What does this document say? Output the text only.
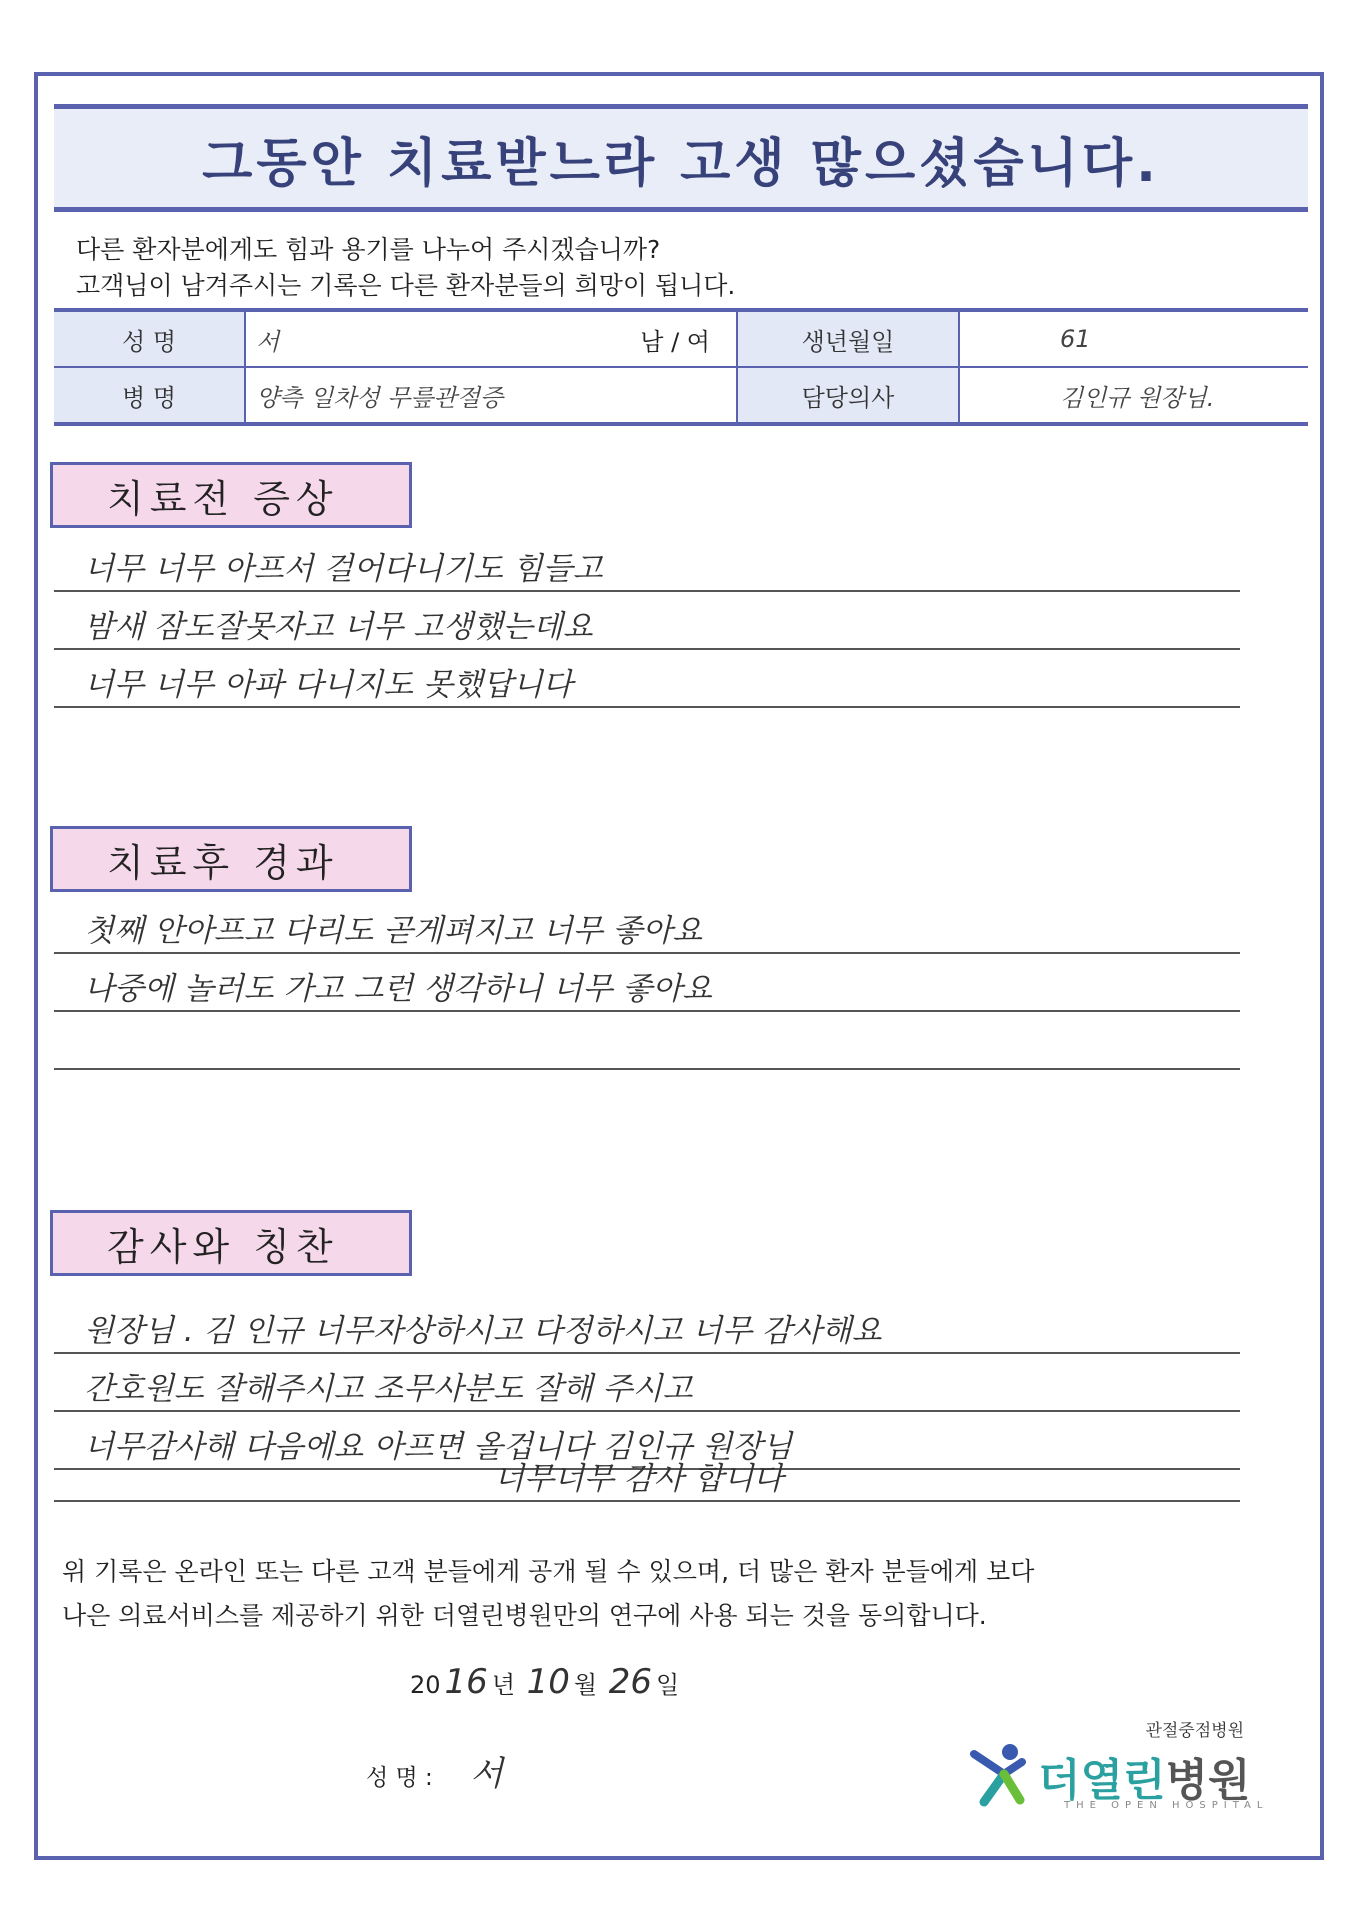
그동안 치료받느라 고생 많으셨습니다.
다른 환자분에게도 힘과 용기를 나누어 주시겠습니까?
고객님이 남겨주시는 기록은 다른 환자분들의 희망이 됩니다.
성 명	서 남 / 여	생년월일	61
병 명	양측 일차성 무릎관절증	담당의사	김인규 원장님.
치료전 증상
너무 너무 아프서 걸어다니기도 힘들고
밤새 잠도잘못자고 너무 고생했는데요
너무 너무 아파 다니지도 못했답니다
치료후 경과
첫째 안아프고 다리도 곧게펴지고 너무 좋아요
나중에 놀러도 가고 그런 생각하니 너무 좋아요
감사와 칭찬
원장님 . 김 인규 너무자상하시고 다정하시고 너무 감사해요
간호원도 잘해주시고 조무사분도 잘해 주시고
너무감사해 다음에요 아프면 올겁니다 김인규 원장님
너무너무 감사 합니다
위 기록은 온라인 또는 다른 고객 분들에게 공개 될 수 있으며, 더 많은 환자 분들에게 보다
나은 의료서비스를 제공하기 위한 더열린병원만의 연구에 사용 되는 것을 동의합니다.
20 16 년 10 월 26 일
성 명 : 서
관절중점병원
더열린병원
THE OPEN HOSPITAL
